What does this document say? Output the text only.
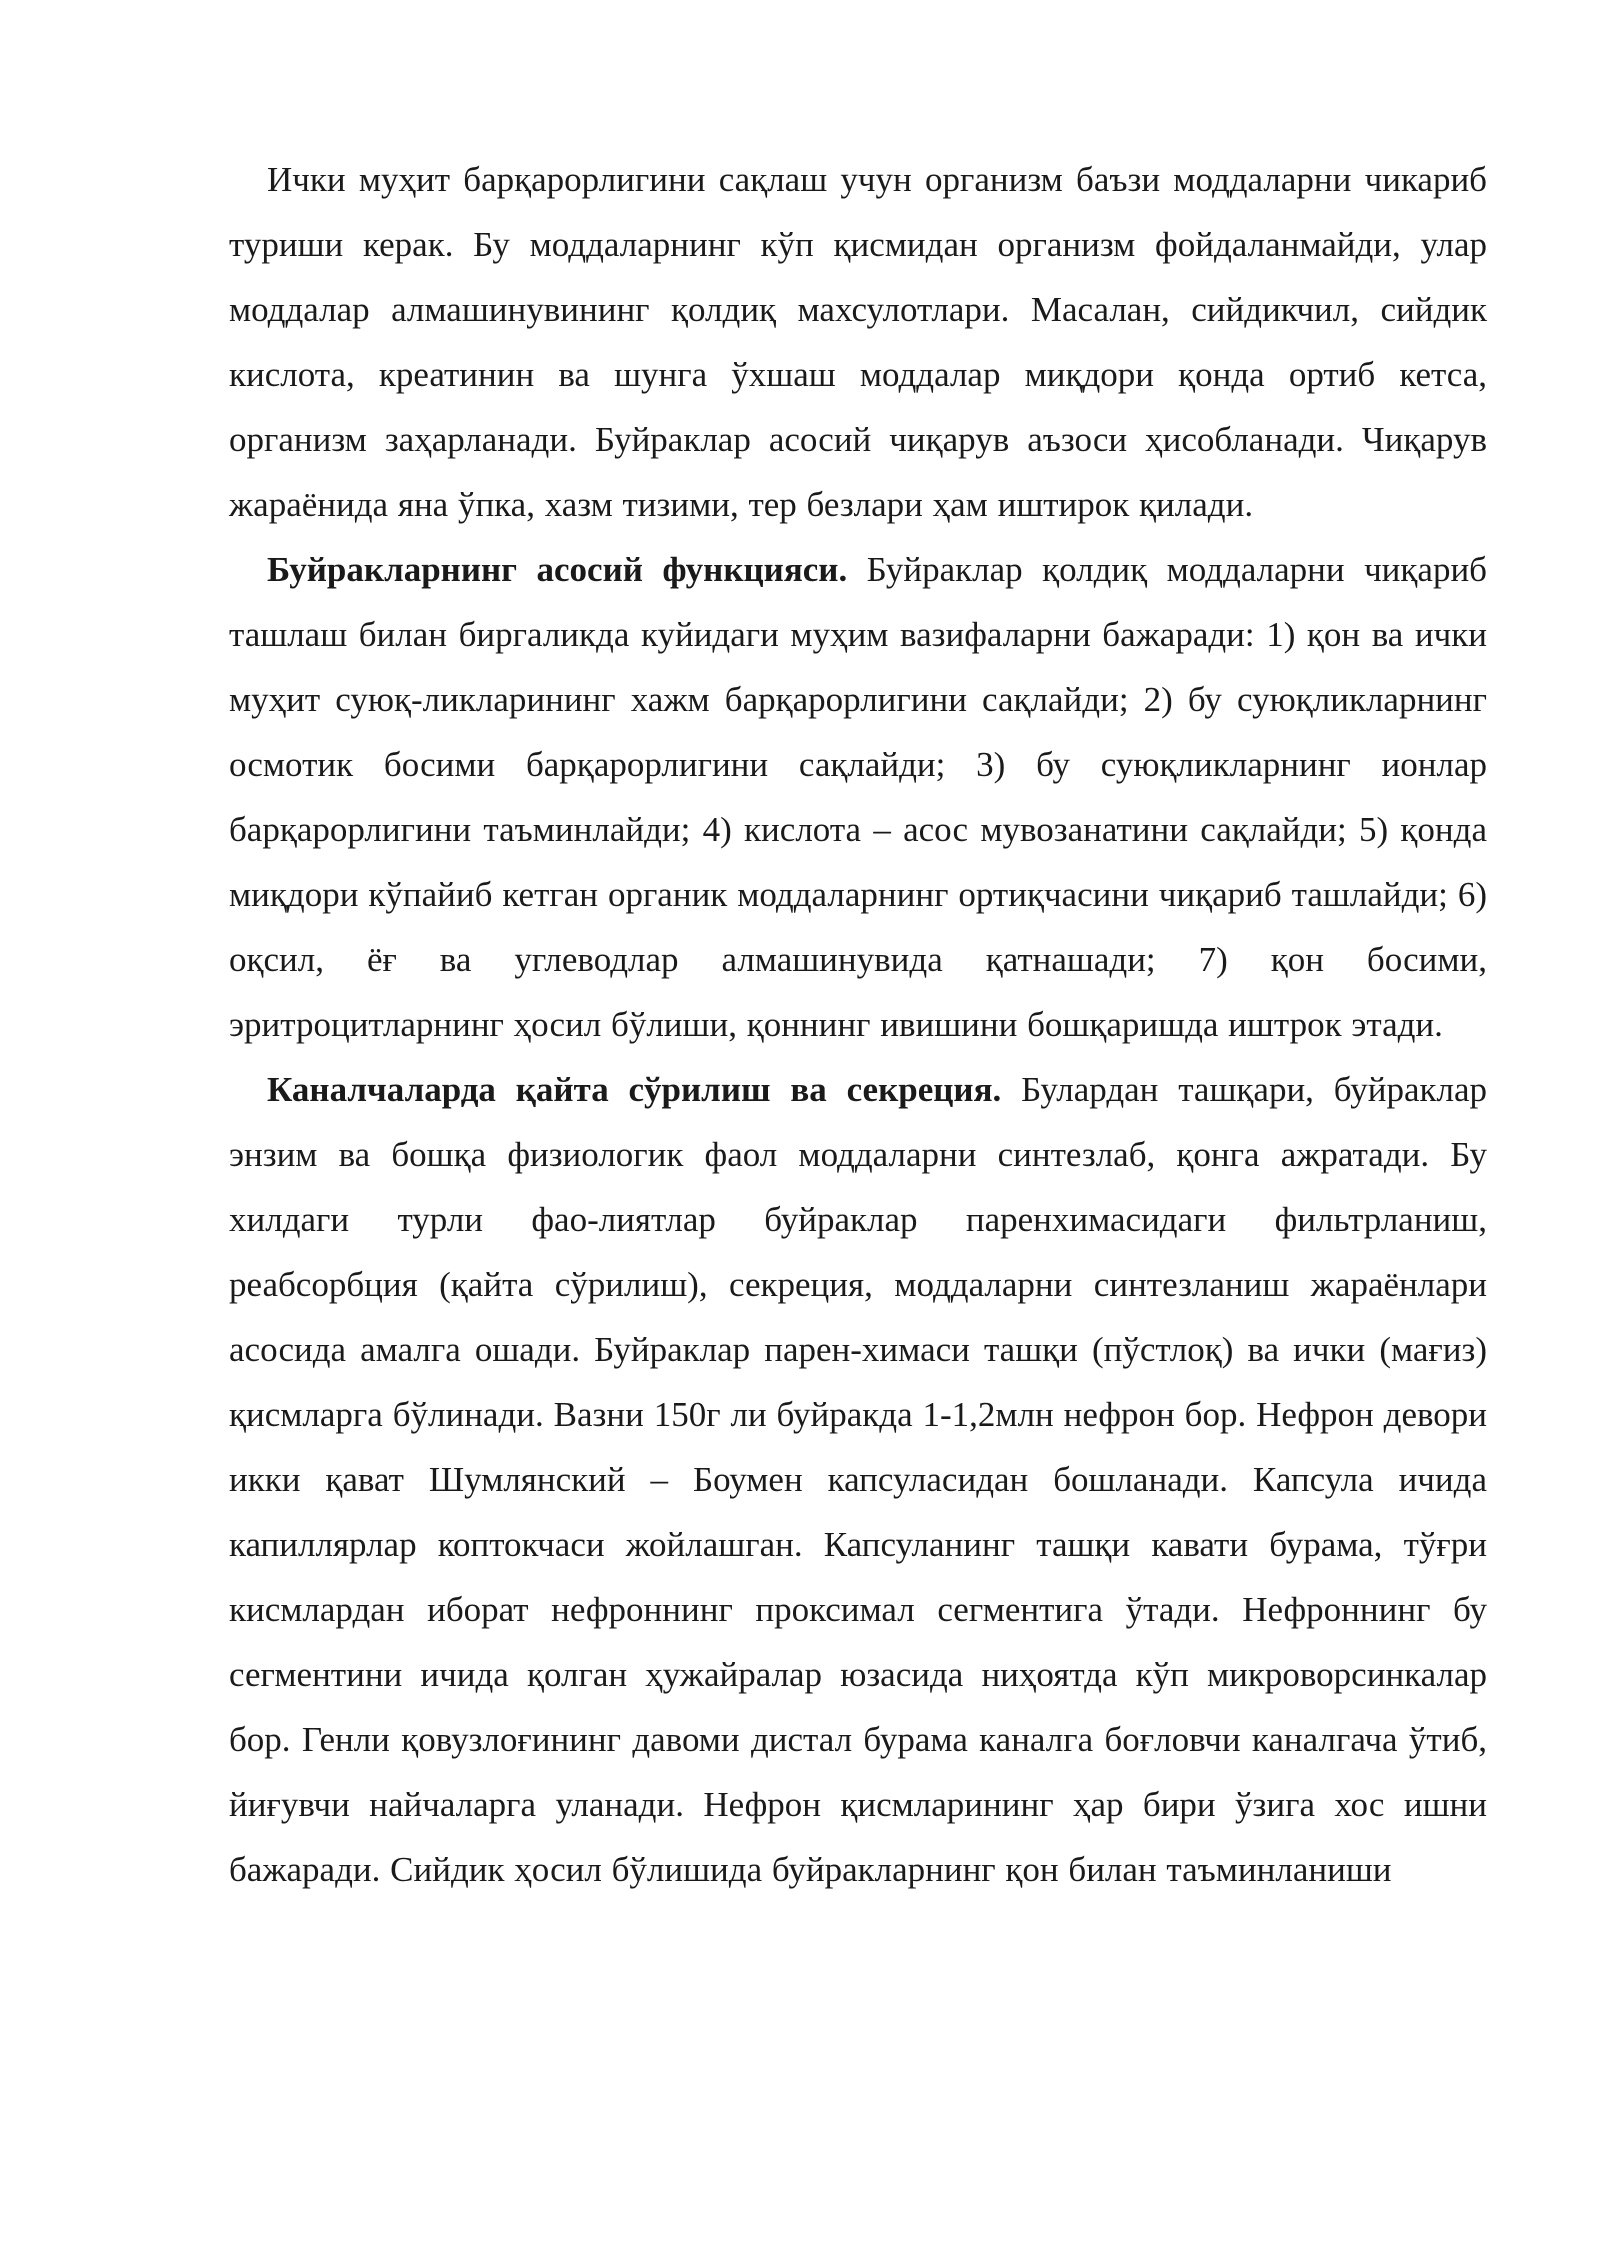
Ички муҳит барқарорлигини сақлаш учун организм баъзи моддаларни чикариб туриши керак. Бу моддаларнинг кўп қисмидан организм фойдаланмайди, улар моддалар алмашинувининг қолдиқ махсулотлари. Масалан, сийдикчил, сийдик кислота, креатинин ва шунга ўхшаш моддалар миқдори қонда ортиб кетса, организм заҳарланади. Буйраклар асосий чиқарув аъзоси ҳисобланади. Чиқарув жараёнида яна ўпка, хазм тизими, тер безлари ҳам иштирок қилади.

Буйракларнинг асосий функцияси. Буйраклар қолдиқ моддаларни чиқариб ташлаш билан биргаликда куйидаги муҳим вазифаларни бажаради: 1) қон ва ички муҳит суюқ-ликларининг хажм барқарорлигини сақлайди; 2) бу суюқликларнинг осмотик босими барқарорлигини сақлайди; 3) бу суюқликларнинг ионлар барқарорлигини таъминлайди; 4) кислота – асос мувозанатини сақлайди; 5) қонда миқдори кўпайиб кетган органик моддаларнинг ортиқчасини чиқариб ташлайди; 6) оқсил, ёғ ва углеводлар алмашинувида қатнашади; 7) қон босими, эритроцитларнинг ҳосил бўлиши, қоннинг ивишини бошқаришда иштрок этади.

Каналчаларда қайта сўрилиш ва секреция. Булардан ташқари, буйраклар энзим ва бошқа физиологик фаол моддаларни синтезлаб, қонга ажратади. Бу хилдаги турли фао-лиятлар буйраклар паренхимасидаги фильтрланиш, реабсорбция (қайта сўрилиш), секреция, моддаларни синтезланиш жараёнлари асосида амалга ошади. Буйраклар парен-химаси ташқи (пўстлоқ) ва ички (мағиз) қисмларга бўлинади. Вазни 150г ли буйракда 1-1,2млн нефрон бор. Нефрон девори икки қават Шумлянский – Боумен капсуласидан бошланади. Капсула ичида капиллярлар коптокчаси жойлашган. Капсуланинг ташқи кавати бурама, тўғри кисмлардан иборат нефроннинг проксимал сегментига ўтади. Нефроннинг бу сегментини ичида қолган ҳужайралар юзасида ниҳоятда кўп микроворсинкалар бор. Генли қовузлоғининг давоми дистал бурама каналга боғловчи каналгача ўтиб, йиғувчи найчаларга уланади. Нефрон қисмларининг ҳар бири ўзига хос ишни бажаради. Сийдик ҳосил бўлишида буйракларнинг қон билан таъминланиши
